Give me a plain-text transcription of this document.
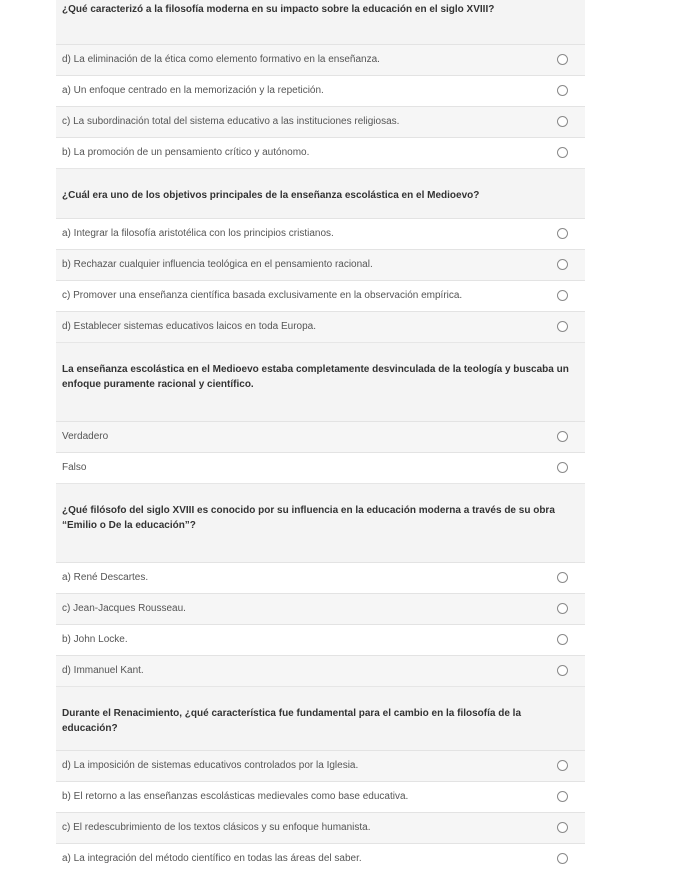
¿Qué caracterizó a la filosofía moderna en su impacto sobre la educación en el siglo XVIII?
d) La eliminación de la ética como elemento formativo en la enseñanza.
a) Un enfoque centrado en la memorización y la repetición.
c) La subordinación total del sistema educativo a las instituciones religiosas.
b) La promoción de un pensamiento crítico y autónomo.
¿Cuál era uno de los objetivos principales de la enseñanza escolástica en el Medioevo?
a) Integrar la filosofía aristotélica con los principios cristianos.
b) Rechazar cualquier influencia teológica en el pensamiento racional.
c) Promover una enseñanza científica basada exclusivamente en la observación empírica.
d) Establecer sistemas educativos laicos en toda Europa.
La enseñanza escolástica en el Medioevo estaba completamente desvinculada de la teología y buscaba un enfoque puramente racional y científico.
Verdadero
Falso
¿Qué filósofo del siglo XVIII es conocido por su influencia en la educación moderna a través de su obra “Emilio o De la educación”?
a) René Descartes.
c) Jean-Jacques Rousseau.
b) John Locke.
d) Immanuel Kant.
Durante el Renacimiento, ¿qué característica fue fundamental para el cambio en la filosofía de la educación?
d) La imposición de sistemas educativos controlados por la Iglesia.
b) El retorno a las enseñanzas escolásticas medievales como base educativa.
c) El redescubrimiento de los textos clásicos y su enfoque humanista.
a) La integración del método científico en todas las áreas del saber.
